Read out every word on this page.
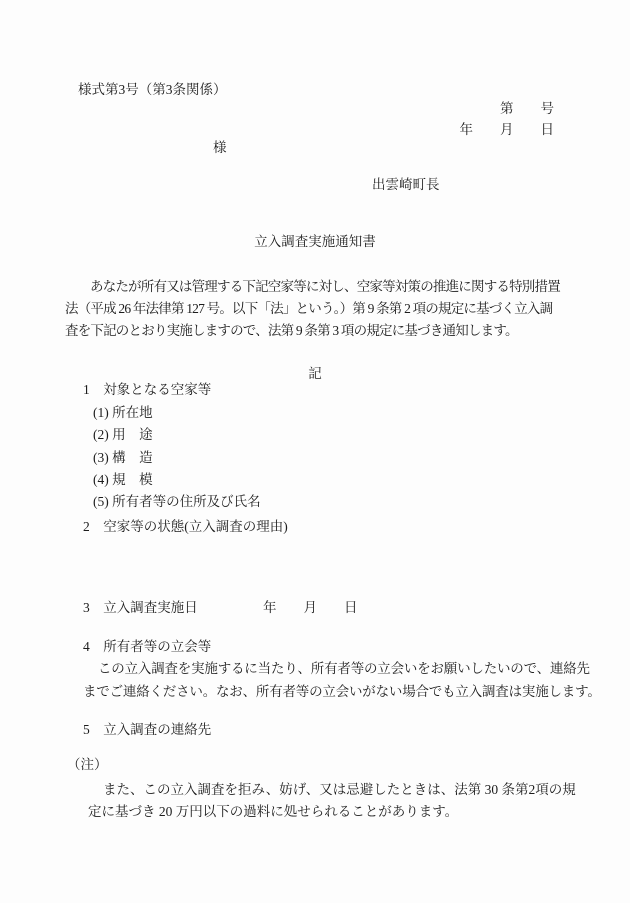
様式第3号（第3条関係）
第　　号
年　　月　　日
様
出雲崎町長
立入調査実施通知書
あなたが所有又は管理する下記空家等に対し、空家等対策の推進に関する特別措置
法（平成 26 年法律第 127 号。以下「法」という。）第 9 条第 2 項の規定に基づく立入調
査を下記のとおり実施しますので、法第 9 条第 3 項の規定に基づき通知します。
記
1　対象となる空家等
(1) 所在地
(2) 用　途
(3) 構　造
(4) 規　模
(5) 所有者等の住所及び氏名
2　空家等の状態(立入調査の理由)
3　立入調査実施日	年　　月　　日
4　所有者等の立会等
この立入調査を実施するに当たり、所有者等の立会いをお願いしたいので、連絡先
までご連絡ください。なお、所有者等の立会いがない場合でも立入調査は実施します。
5　立入調査の連絡先
（注）
また、この立入調査を拒み、妨げ、又は忌避したときは、法第 30 条第2項の規
定に基づき 20 万円以下の過料に処せられることがあります。
